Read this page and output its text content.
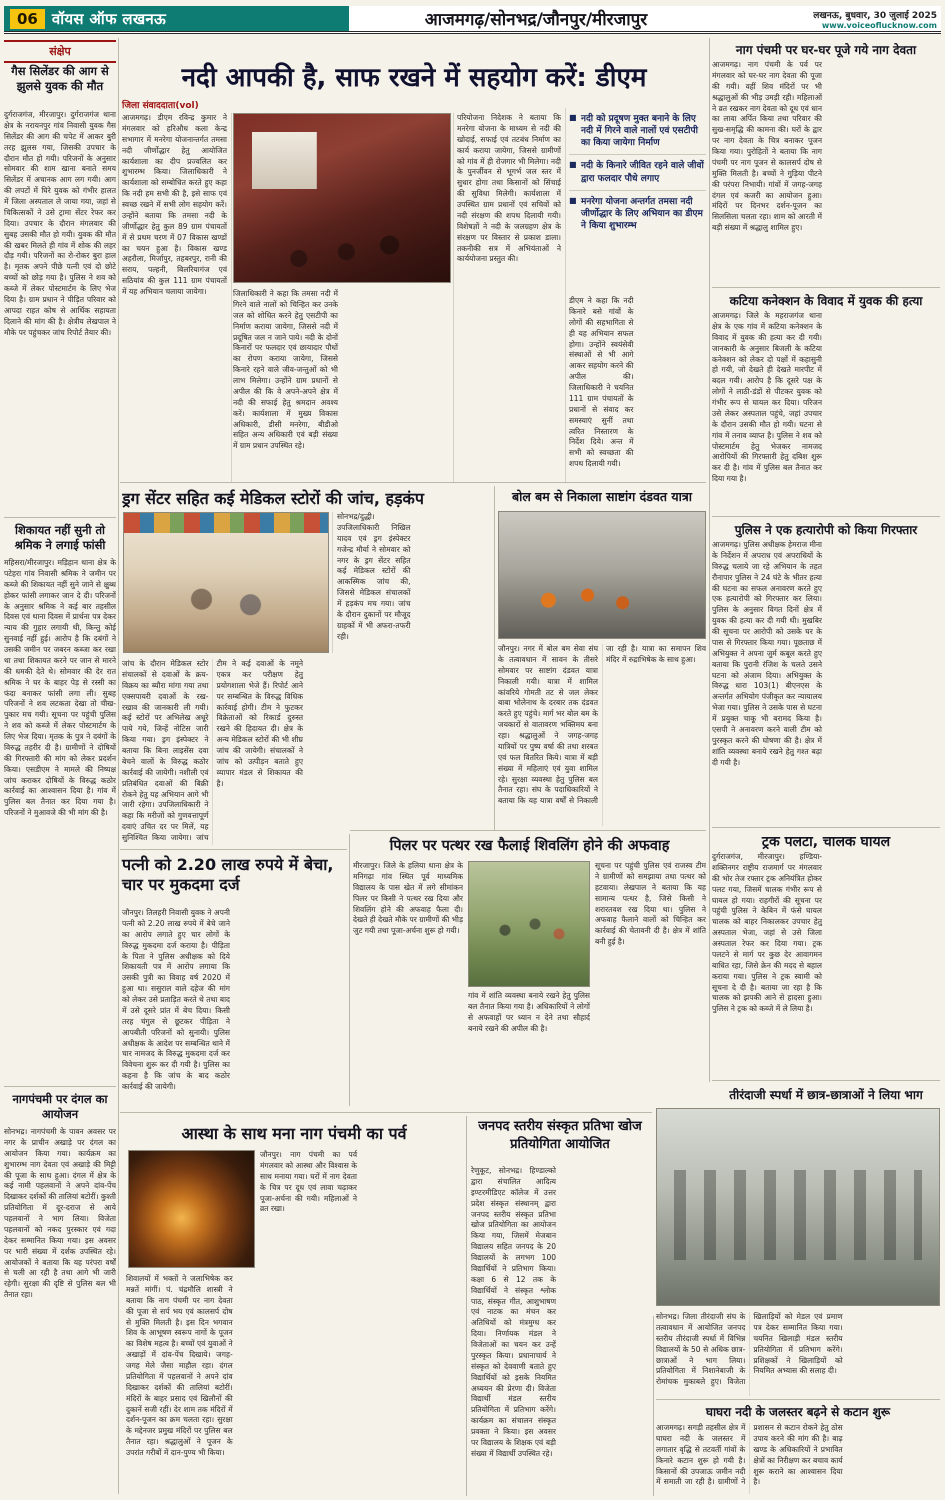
06 वॉयस ऑफ लखनऊ	आजमगढ़/सोनभद्र/जौनपुर/मीरजापुर	लखनऊ, बुधवार, 30 जुलाई 2025
www.voiceoflucknow.com
संक्षेप
गैस सिलेंडर की आग से झुलसे युवक की मौत
दुर्गराजगंज, मीरजापुर। दुर्गराजगंज थाना क्षेत्र के नरायनपुर गांव निवासी युवक गैस सिलेंडर की आग की चपेट में आकर बुरी तरह झुलस गया, जिसकी उपचार के दौरान मौत हो गयी। परिजनों के अनुसार सोमवार की शाम खाना बनाते समय सिलेंडर में अचानक आग लग गयी। आग की लपटों में घिरे युवक को गंभीर हालत में जिला अस्पताल ले जाया गया, जहां से चिकित्सकों ने उसे ट्रामा सेंटर रेफर कर दिया। उपचार के दौरान मंगलवार की सुबह उसकी मौत हो गयी। युवक की मौत की खबर मिलते ही गांव में शोक की लहर दौड़ गयी। परिजनों का रो-रोकर बुरा हाल है। मृतक अपने पीछे पत्नी एवं दो छोटे बच्चों को छोड़ गया है। पुलिस ने शव को कब्जे में लेकर पोस्टमार्टम के लिए भेज दिया है। ग्राम प्रधान ने पीड़ित परिवार को आपदा राहत कोष से आर्थिक सहायता दिलाने की मांग की है। क्षेत्रीय लेखपाल ने मौके पर पहुंचकर जांच रिपोर्ट तैयार की।
शिकायत नहीं सुनी तो श्रमिक ने लगाई फांसी
महिसरा/मीरजापुर। मड़िहान थाना क्षेत्र के पटेहरा गांव निवासी श्रमिक ने जमीन पर कब्जे की शिकायत नहीं सुने जाने से क्षुब्ध होकर फांसी लगाकर जान दे दी। परिजनों के अनुसार श्रमिक ने कई बार तहसील दिवस एवं थाना दिवस में प्रार्थना पत्र देकर न्याय की गुहार लगायी थी, किन्तु कोई सुनवाई नहीं हुई। आरोप है कि दबंगों ने उसकी जमीन पर जबरन कब्जा कर रखा था तथा शिकायत करने पर जान से मारने की धमकी देते थे। सोमवार की देर रात श्रमिक ने घर के बाहर पेड़ से रस्सी का फंदा बनाकर फांसी लगा ली। सुबह परिजनों ने शव लटकता देखा तो चीख-पुकार मच गयी। सूचना पर पहुंची पुलिस ने शव को कब्जे में लेकर पोस्टमार्टम के लिए भेज दिया। मृतक के पुत्र ने दबंगों के विरुद्ध तहरीर दी है। ग्रामीणों ने दोषियों की गिरफ्तारी की मांग को लेकर प्रदर्शन किया। एसडीएम ने मामले की निष्पक्ष जांच कराकर दोषियों के विरुद्ध कठोर कार्रवाई का आश्वासन दिया है। गांव में पुलिस बल तैनात कर दिया गया है। परिजनों ने मुआवजे की भी मांग की है।
नागपंचमी पर दंगल का आयोजन
सोनभद्र। नागपंचमी के पावन अवसर पर नगर के प्राचीन अखाड़े पर दंगल का आयोजन किया गया। कार्यक्रम का शुभारम्भ नाग देवता एवं अखाड़े की मिट्टी की पूजा के साथ हुआ। दंगल में क्षेत्र के कई नामी पहलवानों ने अपने दांव-पेंच दिखाकर दर्शकों की तालियां बटोरीं। कुश्ती प्रतियोगिता में दूर-दराज से आये पहलवानों ने भाग लिया। विजेता पहलवानों को नकद पुरस्कार एवं गदा देकर सम्मानित किया गया। इस अवसर पर भारी संख्या में दर्शक उपस्थित रहे। आयोजकों ने बताया कि यह परंपरा वर्षों से चली आ रही है तथा आगे भी जारी रहेगी। सुरक्षा की दृष्टि से पुलिस बल भी तैनात रहा।
नदी आपकी है, साफ रखने में सहयोग करें: डीएम
जिला संवाददाता(vol)
आजमगढ़। डीएम रविन्द्र कुमार ने मंगलवार को हरिऔध कला केन्द्र सभागार में मनरेगा योजनान्तर्गत तमसा नदी जीर्णोद्धार हेतु आयोजित कार्यशाला का दीप प्रज्वलित कर शुभारम्भ किया। जिलाधिकारी ने कार्यशाला को सम्बोधित करते हुए कहा कि नदी हम सभी की है, इसे साफ एवं स्वच्छ रखने में सभी लोग सहयोग करें। उन्होंने बताया कि तमसा नदी के जीर्णोद्धार हेतु कुल 89 ग्राम पंचायतों में से प्रथम चरण में 07 विकास खण्डों का चयन हुआ है। विकास खण्ड अहरौला, मिर्जापुर, तहबरपुर, रानी की सराय, पल्हनी, बिलरियागंज एवं सठियांव की कुल 111 ग्राम पंचायतों में यह अभियान चलाया जायेगा।	जिलाधिकारी ने कहा कि तमसा नदी में गिरने वाले नालों को चिन्हित कर उनके जल को शोधित करने हेतु एसटीपी का निर्माण कराया जायेगा, जिससे नदी में प्रदूषित जल न जाने पाये। नदी के दोनों किनारों पर फलदार एवं छायादार पौधों का रोपण कराया जायेगा, जिससे किनारे रहने वाले जीव-जन्तुओं को भी लाभ मिलेगा। उन्होंने ग्राम प्रधानों से अपील की कि वे अपने-अपने क्षेत्र में नदी की सफाई हेतु श्रमदान अवश्य करें। कार्यशाला में मुख्य विकास अधिकारी, डीसी मनरेगा, बीडीओ सहित अन्य अधिकारी एवं बड़ी संख्या में ग्राम प्रधान उपस्थित रहे।
परियोजना निदेशक ने बताया कि मनरेगा योजना के माध्यम से नदी की खोदाई, सफाई एवं तटबंध निर्माण का कार्य कराया जायेगा, जिससे ग्रामीणों को गांव में ही रोजगार भी मिलेगा। नदी के पुनर्जीवन से भूगर्भ जल स्तर में सुधार होगा तथा किसानों को सिंचाई की सुविधा मिलेगी। कार्यशाला में उपस्थित ग्राम प्रधानों एवं सचिवों को नदी संरक्षण की शपथ दिलायी गयी। विशेषज्ञों ने नदी के जलग्रहण क्षेत्र के संरक्षण पर विस्तार से प्रकाश डाला। तकनीकी सत्र में अभियंताओं ने कार्ययोजना प्रस्तुत की।
■ नदी को प्रदूषण मुक्त बनाने के लिए नदी में गिरने वाले नालों एवं एसटीपी का किया जायेगा निर्माण
■ नदी के किनारे जीवित रहने वाले जीवों द्वारा फलदार पौधे लगाए
■ मनरेगा योजना अन्तर्गत तमसा नदी जीर्णोद्धार के लिए अभियान का डीएम ने किया शुभारम्भ
डीएम ने कहा कि नदी किनारे बसे गांवों के लोगों की सहभागिता से ही यह अभियान सफल होगा। उन्होंने स्वयंसेवी संस्थाओं से भी आगे आकर सहयोग करने की अपील की। जिलाधिकारी ने चयनित 111 ग्राम पंचायतों के प्रधानों से संवाद कर समस्याएं सुनीं तथा त्वरित निस्तारण के निर्देश दिये। अन्त में सभी को स्वच्छता की शपथ दिलायी गयी।
ड्रग सेंटर सहित कई मेडिकल स्टोरों की जांच, हड़कंप
सोनभद्र/दुद्धी। उपजिलाधिकारी निखिल यादव एवं ड्रग इंस्पेक्टर गजेन्द्र मौर्या ने सोमवार को नगर के ड्रग सेंटर सहित कई मेडिकल स्टोरों की आकस्मिक जांच की, जिससे मेडिकल संचालकों में हड़कंप मच गया। जांच के दौरान दुकानों पर मौजूद ग्राहकों में भी अफरा-तफरी रही।
जांच के दौरान मेडिकल स्टोर संचालकों से दवाओं के क्रय-विक्रय का ब्यौरा मांगा गया तथा एक्सपायरी दवाओं के रख-रखाव की जानकारी ली गयी। कई स्टोरों पर अभिलेख अधूरे पाये गये, जिन्हें नोटिस जारी किया गया। ड्रग इंस्पेक्टर ने बताया कि बिना लाइसेंस दवा बेचने वालों के विरुद्ध कठोर कार्रवाई की जायेगी। नशीली एवं प्रतिबंधित दवाओं की बिक्री रोकने हेतु यह अभियान आगे भी जारी रहेगा। उपजिलाधिकारी ने कहा कि मरीजों को गुणवत्तापूर्ण दवाएं उचित दर पर मिलें, यह सुनिश्चित किया जायेगा। जांच टीम ने कई दवाओं के नमूने एकत्र कर परीक्षण हेतु प्रयोगशाला भेजे हैं। रिपोर्ट आने पर सम्बन्धित के विरुद्ध विधिक कार्रवाई होगी। टीम ने फुटकर विक्रेताओं को रिकार्ड दुरुस्त रखने की हिदायत दी। क्षेत्र के अन्य मेडिकल स्टोरों की भी शीघ्र जांच की जायेगी। संचालकों ने जांच को उत्पीड़न बताते हुए व्यापार मंडल से शिकायत की है।
बोल बम से निकाला साष्टांग दंडवत यात्रा
जौनपुर। नगर में बोल बम सेवा संघ के तत्वावधान में सावन के तीसरे सोमवार पर साष्टांग दंडवत यात्रा निकाली गयी। यात्रा में शामिल कांवरिये गोमती तट से जल लेकर बाबा भोलेनाथ के दरबार तक दंडवत करते हुए पहुंचे। मार्ग भर बोल बम के जयकारों से वातावरण भक्तिमय बना रहा। श्रद्धालुओं ने जगह-जगह यात्रियों पर पुष्प वर्षा की तथा शरबत एवं फल वितरित किये। यात्रा में बड़ी संख्या में महिलाएं एवं युवा शामिल रहे। सुरक्षा व्यवस्था हेतु पुलिस बल तैनात रहा। संघ के पदाधिकारियों ने बताया कि यह यात्रा वर्षों से निकाली जा रही है। यात्रा का समापन शिव मंदिर में रुद्राभिषेक के साथ हुआ।
पत्नी को 2.20 लाख रुपये में बेचा, चार पर मुकदमा दर्ज
जौनपुर। तिलहरी निवासी युवक ने अपनी पत्नी को 2.20 लाख रुपये में बेचे जाने का आरोप लगाते हुए चार लोगों के विरुद्ध मुकदमा दर्ज कराया है। पीड़िता के पिता ने पुलिस अधीक्षक को दिये शिकायती पत्र में आरोप लगाया कि उसकी पुत्री का विवाह वर्ष 2020 में हुआ था। ससुराल वाले दहेज की मांग को लेकर उसे प्रताड़ित करते थे तथा बाद में उसे दूसरे प्रांत में बेच दिया। किसी तरह चंगुल से छूटकर पीड़िता ने आपबीती परिजनों को सुनायी। पुलिस अधीक्षक के आदेश पर सम्बन्धित थाने में चार नामजद के विरुद्ध मुकदमा दर्ज कर विवेचना शुरू कर दी गयी है। पुलिस का कहना है कि जांच के बाद कठोर कार्रवाई की जायेगी।
पिलर पर पत्थर रख फैलाई शिवलिंग होने की अफवाह
मीरजापुर। जिले के हलिया थाना क्षेत्र के मनिगढ़ा गांव स्थित पूर्व माध्यमिक विद्यालय के पास खेत में लगे सीमांकन पिलर पर किसी ने पत्थर रख दिया और शिवलिंग होने की अफवाह फैला दी। देखते ही देखते मौके पर ग्रामीणों की भीड़ जुट गयी तथा पूजा-अर्चना शुरू हो गयी।
गांव में शांति व्यवस्था बनाये रखने हेतु पुलिस बल तैनात किया गया है। अधिकारियों ने लोगों से अफवाहों पर ध्यान न देने तथा सौहार्द बनाये रखने की अपील की है।
सूचना पर पहुंची पुलिस एवं राजस्व टीम ने ग्रामीणों को समझाया तथा पत्थर को हटवाया। लेखपाल ने बताया कि यह सामान्य पत्थर है, जिसे किसी ने शरारतवश रख दिया था। पुलिस ने अफवाह फैलाने वालों को चिन्हित कर कार्रवाई की चेतावनी दी है। क्षेत्र में शांति बनी हुई है।
नाग पंचमी पर घर-घर पूजे गये नाग देवता
आजमगढ़। नाग पंचमी के पर्व पर मंगलवार को घर-घर नाग देवता की पूजा की गयी। वहीं शिव मंदिरों पर भी श्रद्धालुओं की भीड़ उमड़ी रही। महिलाओं ने व्रत रखकर नाग देवता को दूध एवं धान का लावा अर्पित किया तथा परिवार की सुख-समृद्धि की कामना की। घरों के द्वार पर नाग देवता के चित्र बनाकर पूजन किया गया। पुरोहितों ने बताया कि नाग पंचमी पर नाग पूजन से कालसर्प दोष से मुक्ति मिलती है। बच्चों ने गुड़िया पीटने की परंपरा निभायी। गांवों में जगह-जगह दंगल एवं कजरी का आयोजन हुआ। मंदिरों पर दिनभर दर्शन-पूजन का सिलसिला चलता रहा। शाम को आरती में बड़ी संख्या में श्रद्धालु शामिल हुए।
कटिया कनेक्शन के विवाद में युवक की हत्या
आजमगढ़। जिले के महराजगंज थाना क्षेत्र के एक गांव में कटिया कनेक्शन के विवाद में युवक की हत्या कर दी गयी। जानकारी के अनुसार बिजली के कटिया कनेक्शन को लेकर दो पक्षों में कहासुनी हो गयी, जो देखते ही देखते मारपीट में बदल गयी। आरोप है कि दूसरे पक्ष के लोगों ने लाठी-डंडों से पीटकर युवक को गंभीर रूप से घायल कर दिया। परिजन उसे लेकर अस्पताल पहुंचे, जहां उपचार के दौरान उसकी मौत हो गयी। घटना से गांव में तनाव व्याप्त है। पुलिस ने शव को पोस्टमार्टम हेतु भेजकर नामजद आरोपियों की गिरफ्तारी हेतु दबिश शुरू कर दी है। गांव में पुलिस बल तैनात कर दिया गया है।
पुलिस ने एक हत्यारोपी को किया गिरफ्तार
आजमगढ़। पुलिस अधीक्षक हेमराज मीना के निर्देशन में अपराध एवं अपराधियों के विरुद्ध चलाये जा रहे अभियान के तहत रौनापार पुलिस ने 24 घंटे के भीतर हत्या की घटना का सफल अनावरण करते हुए एक हत्यारोपी को गिरफ्तार कर लिया। पुलिस के अनुसार विगत दिनों क्षेत्र में युवक की हत्या कर दी गयी थी। मुखबिर की सूचना पर आरोपी को उसके घर के पास से गिरफ्तार किया गया। पूछताछ में अभियुक्त ने अपना जुर्म कबूल करते हुए बताया कि पुरानी रंजिश के चलते उसने घटना को अंजाम दिया। अभियुक्त के विरुद्ध धारा 103(1) बीएनएस के अन्तर्गत अभियोग पंजीकृत कर न्यायालय भेजा गया। पुलिस ने उसके पास से घटना में प्रयुक्त चाकू भी बरामद किया है। एसपी ने अनावरण करने वाली टीम को पुरस्कृत करने की घोषणा की है। क्षेत्र में शांति व्यवस्था बनाये रखने हेतु गश्त बढ़ा दी गयी है।
ट्रक पलटा, चालक घायल
दुर्गराजगंज, मीरजापुर। हण्डिया-शक्तिनगर राष्ट्रीय राजमार्ग पर मंगलवार की भोर तेज रफ्तार ट्रक अनियंत्रित होकर पलट गया, जिसमें चालक गंभीर रूप से घायल हो गया। राहगीरों की सूचना पर पहुंची पुलिस ने केबिन में फंसे घायल चालक को बाहर निकालकर उपचार हेतु अस्पताल भेजा, जहां से उसे जिला अस्पताल रेफर कर दिया गया। ट्रक पलटने से मार्ग पर कुछ देर आवागमन बाधित रहा, जिसे क्रेन की मदद से बहाल कराया गया। पुलिस ने ट्रक स्वामी को सूचना दे दी है। बताया जा रहा है कि चालक को झपकी आने से हादसा हुआ। पुलिस ने ट्रक को कब्जे में ले लिया है।
तीरंदाजी स्पर्धा में छात्र-छात्राओं ने लिया भाग
सोनभद्र। जिला तीरंदाजी संघ के तत्वावधान में आयोजित जनपद स्तरीय तीरंदाजी स्पर्धा में विभिन्न विद्यालयों के 50 से अधिक छात्र-छात्राओं ने भाग लिया। प्रतियोगिता में निशानेबाजी के रोमांचक मुकाबले हुए। विजेता खिलाड़ियों को मेडल एवं प्रमाण पत्र देकर सम्मानित किया गया। चयनित खिलाड़ी मंडल स्तरीय प्रतियोगिता में प्रतिभाग करेंगे। प्रशिक्षकों ने खिलाड़ियों को नियमित अभ्यास की सलाह दी।
घाघरा नदी के जलस्तर बढ़ने से कटान शुरू
आजमगढ़। सगड़ी तहसील क्षेत्र में घाघरा नदी के जलस्तर में लगातार वृद्धि से तटवर्ती गांवों के किनारे कटान शुरू हो गयी है। किसानों की उपजाऊ जमीन नदी में समाती जा रही है। ग्रामीणों ने प्रशासन से कटान रोकने हेतु ठोस उपाय करने की मांग की है। बाढ़ खण्ड के अधिकारियों ने प्रभावित क्षेत्रों का निरीक्षण कर बचाव कार्य शुरू कराने का आश्वासन दिया है।
आस्था के साथ मना नाग पंचमी का पर्व
जौनपुर। नाग पंचमी का पर्व मंगलवार को आस्था और विश्वास के साथ मनाया गया। घरों में नाग देवता के चित्र पर दूध एवं लावा चढ़ाकर पूजा-अर्चना की गयी। महिलाओं ने व्रत रखा।
शिवालयों में भक्तों ने जलाभिषेक कर मन्नतें मांगीं। पं. चंद्रमौलि शास्त्री ने बताया कि नाग पंचमी पर नाग देवता की पूजा से सर्प भय एवं कालसर्प दोष से मुक्ति मिलती है। इस दिन भगवान शिव के आभूषण स्वरूप नागों के पूजन का विशेष महत्व है। बच्चों एवं युवाओं ने अखाड़ों में दांव-पेंच दिखाये। जगह-जगह मेले जैसा माहौल रहा। दंगल प्रतियोगिता में पहलवानों ने अपने दांव दिखाकर दर्शकों की तालियां बटोरीं। मंदिरों के बाहर प्रसाद एवं खिलौनों की दुकानें सजी रहीं। देर शाम तक मंदिरों में दर्शन-पूजन का क्रम चलता रहा। सुरक्षा के मद्देनजर प्रमुख मंदिरों पर पुलिस बल तैनात रहा। श्रद्धालुओं ने पूजन के उपरांत गरीबों में दान-पुण्य भी किया।
जनपद स्तरीय संस्कृत प्रतिभा खोज प्रतियोगिता आयोजित
रेणुकूट, सोनभद्र। हिण्डाल्को द्वारा संचालित आदित्य इण्टरमीडिएट कॉलेज में उत्तर प्रदेश संस्कृत संस्थानम् द्वारा जनपद स्तरीय संस्कृत प्रतिभा खोज प्रतियोगिता का आयोजन किया गया, जिसमें मेजबान विद्यालय सहित जनपद के 20 विद्यालयों के लगभग 100 विद्यार्थियों ने प्रतिभाग किया। कक्षा 6 से 12 तक के विद्यार्थियों ने संस्कृत श्लोक पाठ, संस्कृत गीत, आशुभाषण एवं नाटक का मंचन कर अतिथियों को मंत्रमुग्ध कर दिया। निर्णायक मंडल ने विजेताओं का चयन कर उन्हें पुरस्कृत किया। प्रधानाचार्य ने संस्कृत को देववाणी बताते हुए विद्यार्थियों को इसके नियमित अध्ययन की प्रेरणा दी। विजेता विद्यार्थी मंडल स्तरीय प्रतियोगिता में प्रतिभाग करेंगे। कार्यक्रम का संचालन संस्कृत प्रवक्ता ने किया। इस अवसर पर विद्यालय के शिक्षक एवं बड़ी संख्या में विद्यार्थी उपस्थित रहे।
